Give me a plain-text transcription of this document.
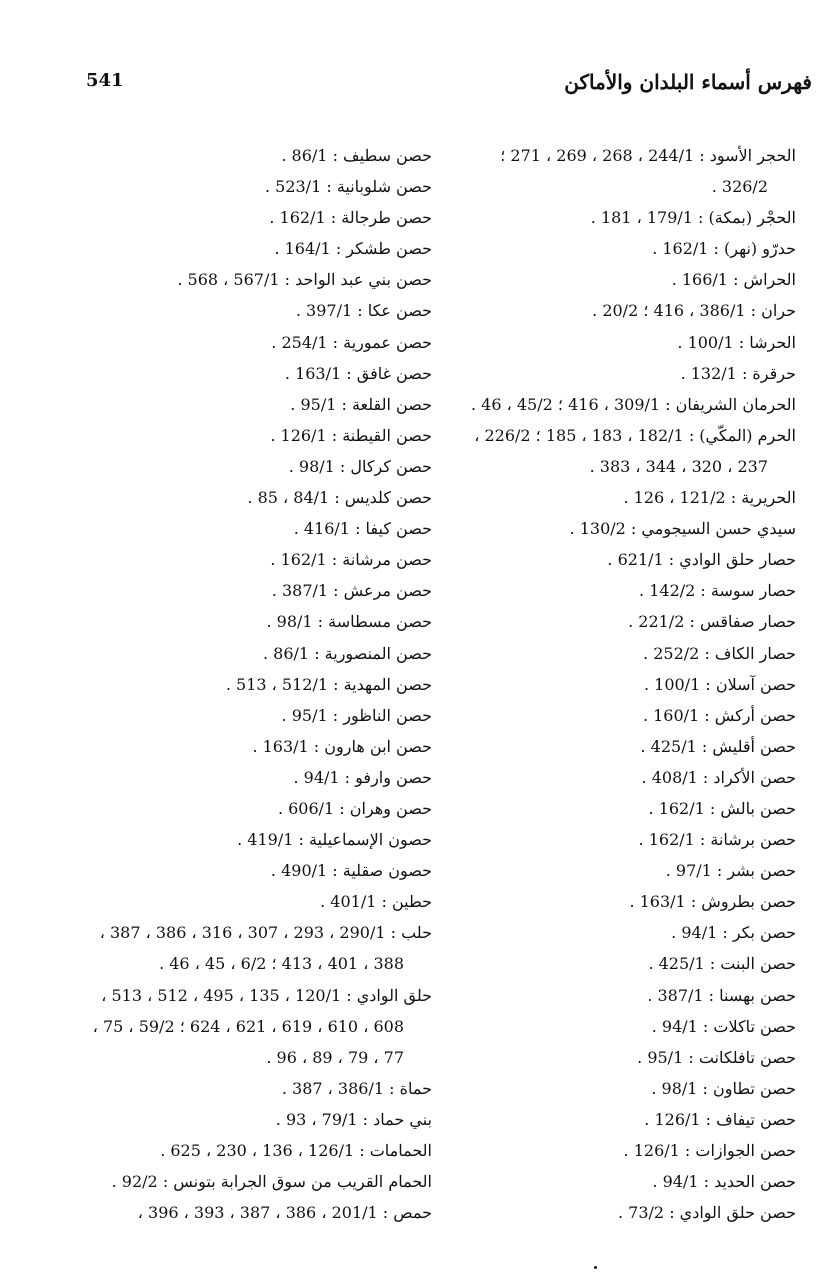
541	فهرس أسماء البلدان والأماكن
الحجر الأسود : 244/1 ، 268 ، 269 ، 271 ؛
326/2 .
الحجْر (بمكة) : 179/1 ، 181 .
حدرّو (نهر) : 162/1 .
الحراش : 166/1 .
حران : 386/1 ، 416 ؛ 20/2 .
الحرشا : 100/1 .
حرقرة : 132/1 .
الحرمان الشريفان : 309/1 ، 416 ؛ 45/2 ، 46 .
الحرم (المكّي) : 182/1 ، 183 ، 185 ؛ 226/2 ،
237 ، 320 ، 344 ، 383 .
الحريرية : 121/2 ، 126 .
سيدي حسن السيجومي : 130/2 .
حصار حلق الوادي : 621/1 .
حصار سوسة : 142/2 .
حصار صفاقس : 221/2 .
حصار الكاف : 252/2 .
حصن آسلان : 100/1 .
حصن أركش : 160/1 .
حصن أقليش : 425/1 .
حصن الأكراد : 408/1 .
حصن بالش : 162/1 .
حصن برشانة : 162/1 .
حصن بشر : 97/1 .
حصن بطروش : 163/1 .
حصن بكر : 94/1 .
حصن البنت : 425/1 .
حصن بهسنا : 387/1 .
حصن تاكلات : 94/1 .
حصن تافلكانت : 95/1 .
حصن تطاون : 98/1 .
حصن تيفاف : 126/1 .
حصن الجوازات : 126/1 .
حصن الحديد : 94/1 .
حصن حلق الوادي : 73/2 .
حصن سطيف : 86/1 .
حصن شلوبانية : 523/1 .
حصن طرجالة : 162/1 .
حصن طشكر : 164/1 .
حصن بني عبد الواحد : 567/1 ، 568 .
حصن عكا : 397/1 .
حصن عمورية : 254/1 .
حصن غافق : 163/1 .
حصن القلعة : 95/1 .
حصن القيطنة : 126/1 .
حصن كركال : 98/1 .
حصن كلديس : 84/1 ، 85 .
حصن كيفا : 416/1 .
حصن مرشانة : 162/1 .
حصن مرعش : 387/1 .
حصن مسطاسة : 98/1 .
حصن المنصورية : 86/1 .
حصن المهدية : 512/1 ، 513 .
حصن الناظور : 95/1 .
حصن ابن هارون : 163/1 .
حصن وارفو : 94/1 .
حصن وهران : 606/1 .
حصون الإسماعيلية : 419/1 .
حصون صقلية : 490/1 .
حطين : 401/1 .
حلب : 290/1 ، 293 ، 307 ، 316 ، 386 ، 387 ،
388 ، 401 ، 413 ؛ 6/2 ، 45 ، 46 .
حلق الوادي : 120/1 ، 135 ، 495 ، 512 ، 513 ،
608 ، 610 ، 619 ، 621 ، 624 ؛ 59/2 ، 75 ،
77 ، 79 ، 89 ، 96 .
حماة : 386/1 ، 387 .
بني حماد : 79/1 ، 93 .
الحمامات : 126/1 ، 136 ، 230 ، 625 .
الحمام القريب من سوق الجرابة بتونس : 92/2 .
حمص : 201/1 ، 386 ، 387 ، 393 ، 396 ،
